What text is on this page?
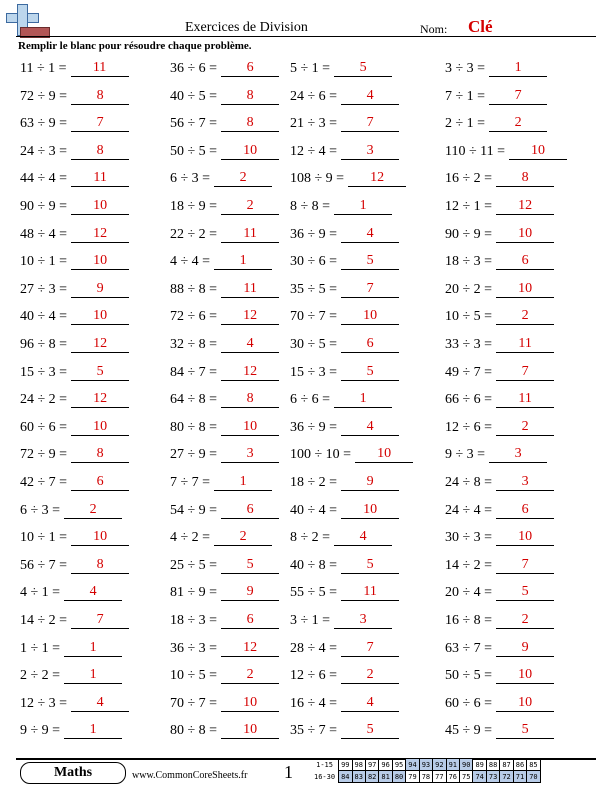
Exercices de Division	Nom: Clé
Remplir le blanc pour résoudre chaque problème.
11 ÷ 1 = 11
72 ÷ 9 = 8
63 ÷ 9 = 7
24 ÷ 3 = 8
44 ÷ 4 = 11
90 ÷ 9 = 10
48 ÷ 4 = 12
10 ÷ 1 = 10
27 ÷ 3 = 9
40 ÷ 4 = 10
96 ÷ 8 = 12
15 ÷ 3 = 5
24 ÷ 2 = 12
60 ÷ 6 = 10
72 ÷ 9 = 8
42 ÷ 7 = 6
6 ÷ 3 = 2
10 ÷ 1 = 10
56 ÷ 7 = 8
4 ÷ 1 = 4
14 ÷ 2 = 7
1 ÷ 1 = 1
2 ÷ 2 = 1
12 ÷ 3 = 4
9 ÷ 9 = 1
36 ÷ 6 = 6
40 ÷ 5 = 8
56 ÷ 7 = 8
50 ÷ 5 = 10
6 ÷ 3 = 2
18 ÷ 9 = 2
22 ÷ 2 = 11
4 ÷ 4 = 1
88 ÷ 8 = 11
72 ÷ 6 = 12
32 ÷ 8 = 4
84 ÷ 7 = 12
64 ÷ 8 = 8
80 ÷ 8 = 10
27 ÷ 9 = 3
7 ÷ 7 = 1
54 ÷ 9 = 6
4 ÷ 2 = 2
25 ÷ 5 = 5
81 ÷ 9 = 9
18 ÷ 3 = 6
36 ÷ 3 = 12
10 ÷ 5 = 2
70 ÷ 7 = 10
80 ÷ 8 = 10
5 ÷ 1 = 5
24 ÷ 6 = 4
21 ÷ 3 = 7
12 ÷ 4 = 3
108 ÷ 9 = 12
8 ÷ 8 = 1
36 ÷ 9 = 4
30 ÷ 6 = 5
35 ÷ 5 = 7
70 ÷ 7 = 10
30 ÷ 5 = 6
15 ÷ 3 = 5
6 ÷ 6 = 1
36 ÷ 9 = 4
100 ÷ 10 = 10
18 ÷ 2 = 9
40 ÷ 4 = 10
8 ÷ 2 = 4
40 ÷ 8 = 5
55 ÷ 5 = 11
3 ÷ 1 = 3
28 ÷ 4 = 7
12 ÷ 6 = 2
16 ÷ 4 = 4
35 ÷ 7 = 5
3 ÷ 3 = 1
7 ÷ 1 = 7
2 ÷ 1 = 2
110 ÷ 11 = 10
16 ÷ 2 = 8
12 ÷ 1 = 12
90 ÷ 9 = 10
18 ÷ 3 = 6
20 ÷ 2 = 10
10 ÷ 5 = 2
33 ÷ 3 = 11
49 ÷ 7 = 7
66 ÷ 6 = 11
12 ÷ 6 = 2
9 ÷ 3 = 3
24 ÷ 8 = 3
24 ÷ 4 = 6
30 ÷ 3 = 10
14 ÷ 2 = 7
20 ÷ 4 = 5
16 ÷ 8 = 2
63 ÷ 7 = 9
50 ÷ 5 = 10
60 ÷ 6 = 10
45 ÷ 9 = 5
Maths	www.CommonCoreSheets.fr 1	1-15	99	98	97	96	95	94	93	92	91	90	89	88	87	86	85
16-30	84	83	82	81	80	79	78	77	76	75	74	73	72	71	70
